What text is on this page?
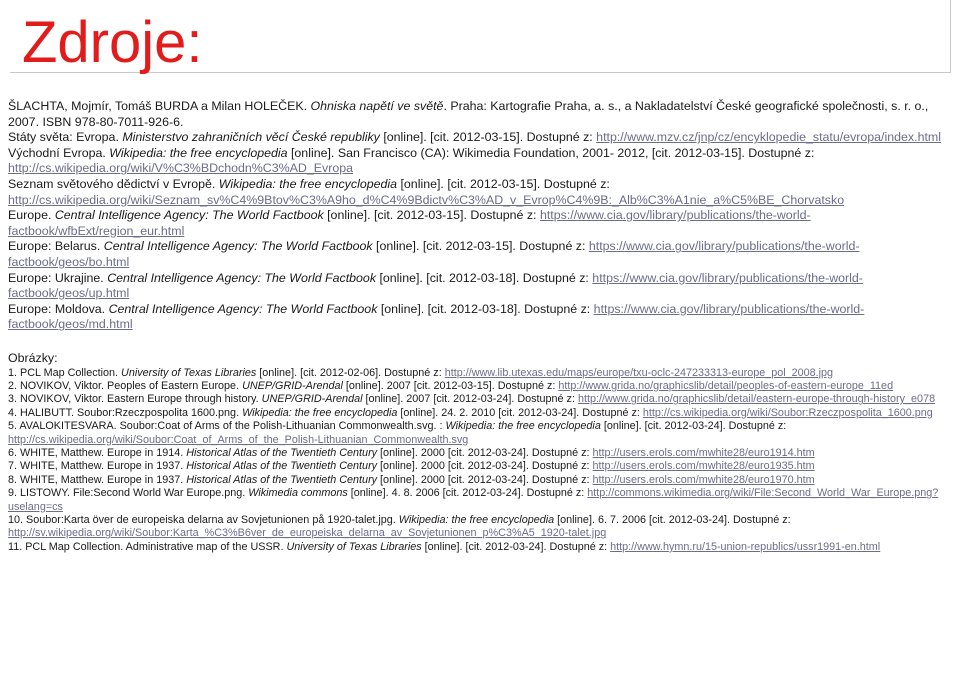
Zdroje:

ŠLACHTA, Mojmír, Tomáš BURDA a Milan HOLEČEK. Ohniska napětí ve světě. Praha: Kartografie Praha, a. s., a Nakladatelství České geografické společnosti, s. r. o., 2007. ISBN 978-80-7011-926-6.

Státy světa: Evropa. Ministerstvo zahraničních věcí České republiky [online]. [cit. 2012-03-15]. Dostupné z: http://www.mzv.cz/jnp/cz/encyklopedie_statu/evropa/index.html

Východní Evropa. Wikipedia: the free encyclopedia [online]. San Francisco (CA): Wikimedia Foundation, 2001- 2012, [cit. 2012-03-15]. Dostupné z: http://cs.wikipedia.org/wiki/V%C3%BDchodn%C3%AD_Evropa

Seznam světového dědictví v Evropě. Wikipedia: the free encyclopedia [online]. [cit. 2012-03-15]. Dostupné z: http://cs.wikipedia.org/wiki/Seznam_sv%C4%9Btov%C3%A9ho_d%C4%9Bdictv%C3%AD_v_Evrop%C4%9B:_Alb%C3%A1nie_a%C5%BE_Chorvatsko

Europe. Central Intelligence Agency: The World Factbook [online]. [cit. 2012-03-15]. Dostupné z: https://www.cia.gov/library/publications/the-world-factbook/wfbExt/region_eur.html

Europe: Belarus. Central Intelligence Agency: The World Factbook [online]. [cit. 2012-03-15]. Dostupné z: https://www.cia.gov/library/publications/the-world-factbook/geos/bo.html

Europe: Ukrajine. Central Intelligence Agency: The World Factbook [online]. [cit. 2012-03-18]. Dostupné z: https://www.cia.gov/library/publications/the-world-factbook/geos/up.html

Europe: Moldova. Central Intelligence Agency: The World Factbook [online]. [cit. 2012-03-18]. Dostupné z: https://www.cia.gov/library/publications/the-world-factbook/geos/md.html

Obrázky:

1. PCL Map Collection. University of Texas Libraries [online]. [cit. 2012-02-06]. Dostupné z: http://www.lib.utexas.edu/maps/europe/txu-oclc-247233313-europe_pol_2008.jpg

2. NOVIKOV, Viktor. Peoples of Eastern Europe. UNEP/GRID-Arendal [online]. 2007 [cit. 2012-03-15]. Dostupné z: http://www.grida.no/graphicslib/detail/peoples-of-eastern-europe_11ed

3. NOVIKOV, Viktor. Eastern Europe through history. UNEP/GRID-Arendal [online]. 2007 [cit. 2012-03-24]. Dostupné z: http://www.grida.no/graphicslib/detail/eastern-europe-through-history_e078

4. HALIBUTT. Soubor:Rzeczpospolita 1600.png. Wikipedia: the free encyclopedia [online]. 24. 2. 2010 [cit. 2012-03-24]. Dostupné z: http://cs.wikipedia.org/wiki/Soubor:Rzeczpospolita_1600.png

5. AVALOKITESVARA. Soubor:Coat of Arms of the Polish-Lithuanian Commonwealth.svg. : Wikipedia: the free encyclopedia [online]. [cit. 2012-03-24]. Dostupné z: http://cs.wikipedia.org/wiki/Soubor:Coat_of_Arms_of_the_Polish-Lithuanian_Commonwealth.svg

6. WHITE, Matthew. Europe in 1914. Historical Atlas of the Twentieth Century [online]. 2000 [cit. 2012-03-24]. Dostupné z: http://users.erols.com/mwhite28/euro1914.htm

7. WHITE, Matthew. Europe in 1937. Historical Atlas of the Twentieth Century [online]. 2000 [cit. 2012-03-24]. Dostupné z: http://users.erols.com/mwhite28/euro1935.htm

8. WHITE, Matthew. Europe in 1937. Historical Atlas of the Twentieth Century [online]. 2000 [cit. 2012-03-24]. Dostupné z: http://users.erols.com/mwhite28/euro1970.htm

9. LISTOWY. File:Second World War Europe.png. Wikimedia commons [online]. 4. 8. 2006 [cit. 2012-03-24]. Dostupné z: http://commons.wikimedia.org/wiki/File:Second_World_War_Europe.png?uselang=cs

10. Soubor:Karta över de europeiska delarna av Sovjetunionen på 1920-talet.jpg. Wikipedia: the free encyclopedia [online]. 6. 7. 2006 [cit. 2012-03-24]. Dostupné z: http://sv.wikipedia.org/wiki/Soubor:Karta_%C3%B6ver_de_europeiska_delarna_av_Sovjetunionen_p%C3%A5_1920-talet.jpg

11. PCL Map Collection. Administrative map of the USSR. University of Texas Libraries [online]. [cit. 2012-03-24]. Dostupné z: http://www.hymn.ru/15-union-republics/ussr1991-en.html
